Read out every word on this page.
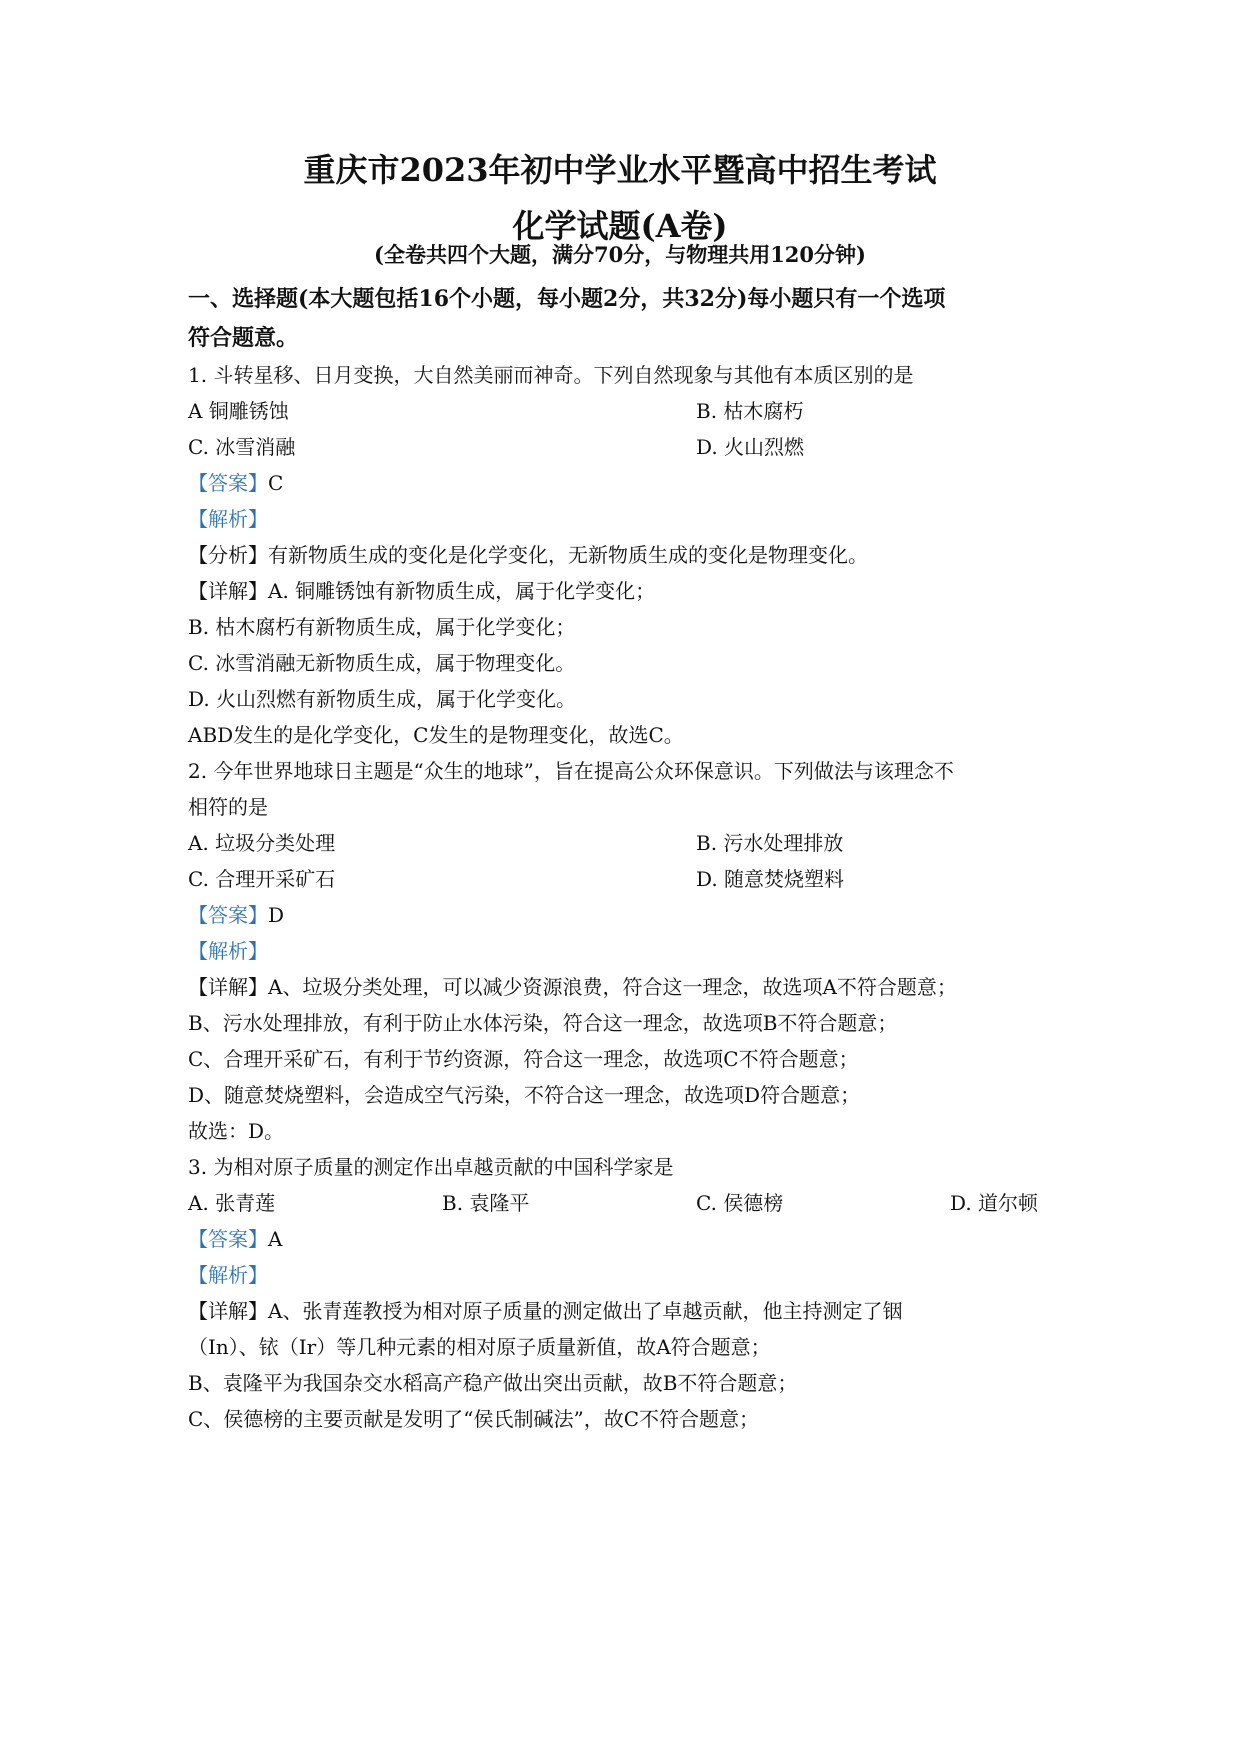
重庆市2023年初中学业水平暨高中招生考试
化学试题(A卷)
(全卷共四个大题，满分70分，与物理共用120分钟)
一、选择题(本大题包括16个小题，每小题2分，共32分)每小题只有一个选项
符合题意。
1. 斗转星移、日月变换，大自然美丽而神奇。下列自然现象与其他有本质区别的是
A 铜雕锈蚀	B. 枯木腐朽
C. 冰雪消融	D. 火山烈燃
【答案】C
【解析】
【分析】有新物质生成的变化是化学变化，无新物质生成的变化是物理变化。
【详解】A. 铜雕锈蚀有新物质生成，属于化学变化；
B. 枯木腐朽有新物质生成，属于化学变化；
C. 冰雪消融无新物质生成，属于物理变化。
D. 火山烈燃有新物质生成，属于化学变化。
ABD发生的是化学变化，C发生的是物理变化，故选C。
2. 今年世界地球日主题是“众生的地球”，旨在提高公众环保意识。下列做法与该理念不
相符的是
A. 垃圾分类处理	B. 污水处理排放
C. 合理开采矿石	D. 随意焚烧塑料
【答案】D
【解析】
【详解】A、垃圾分类处理，可以减少资源浪费，符合这一理念，故选项A不符合题意；
B、污水处理排放，有利于防止水体污染，符合这一理念，故选项B不符合题意；
C、合理开采矿石，有利于节约资源，符合这一理念，故选项C不符合题意；
D、随意焚烧塑料，会造成空气污染，不符合这一理念，故选项D符合题意；
故选：D。
3. 为相对原子质量的测定作出卓越贡献的中国科学家是
A. 张青莲	B. 袁隆平	C. 侯德榜	D. 道尔顿
【答案】A
【解析】
【详解】A、张青莲教授为相对原子质量的测定做出了卓越贡献，他主持测定了铟
（In）、铱（Ir）等几种元素的相对原子质量新值，故A符合题意；
B、袁隆平为我国杂交水稻高产稳产做出突出贡献，故B不符合题意；
C、侯德榜的主要贡献是发明了“侯氏制碱法”，故C不符合题意；
